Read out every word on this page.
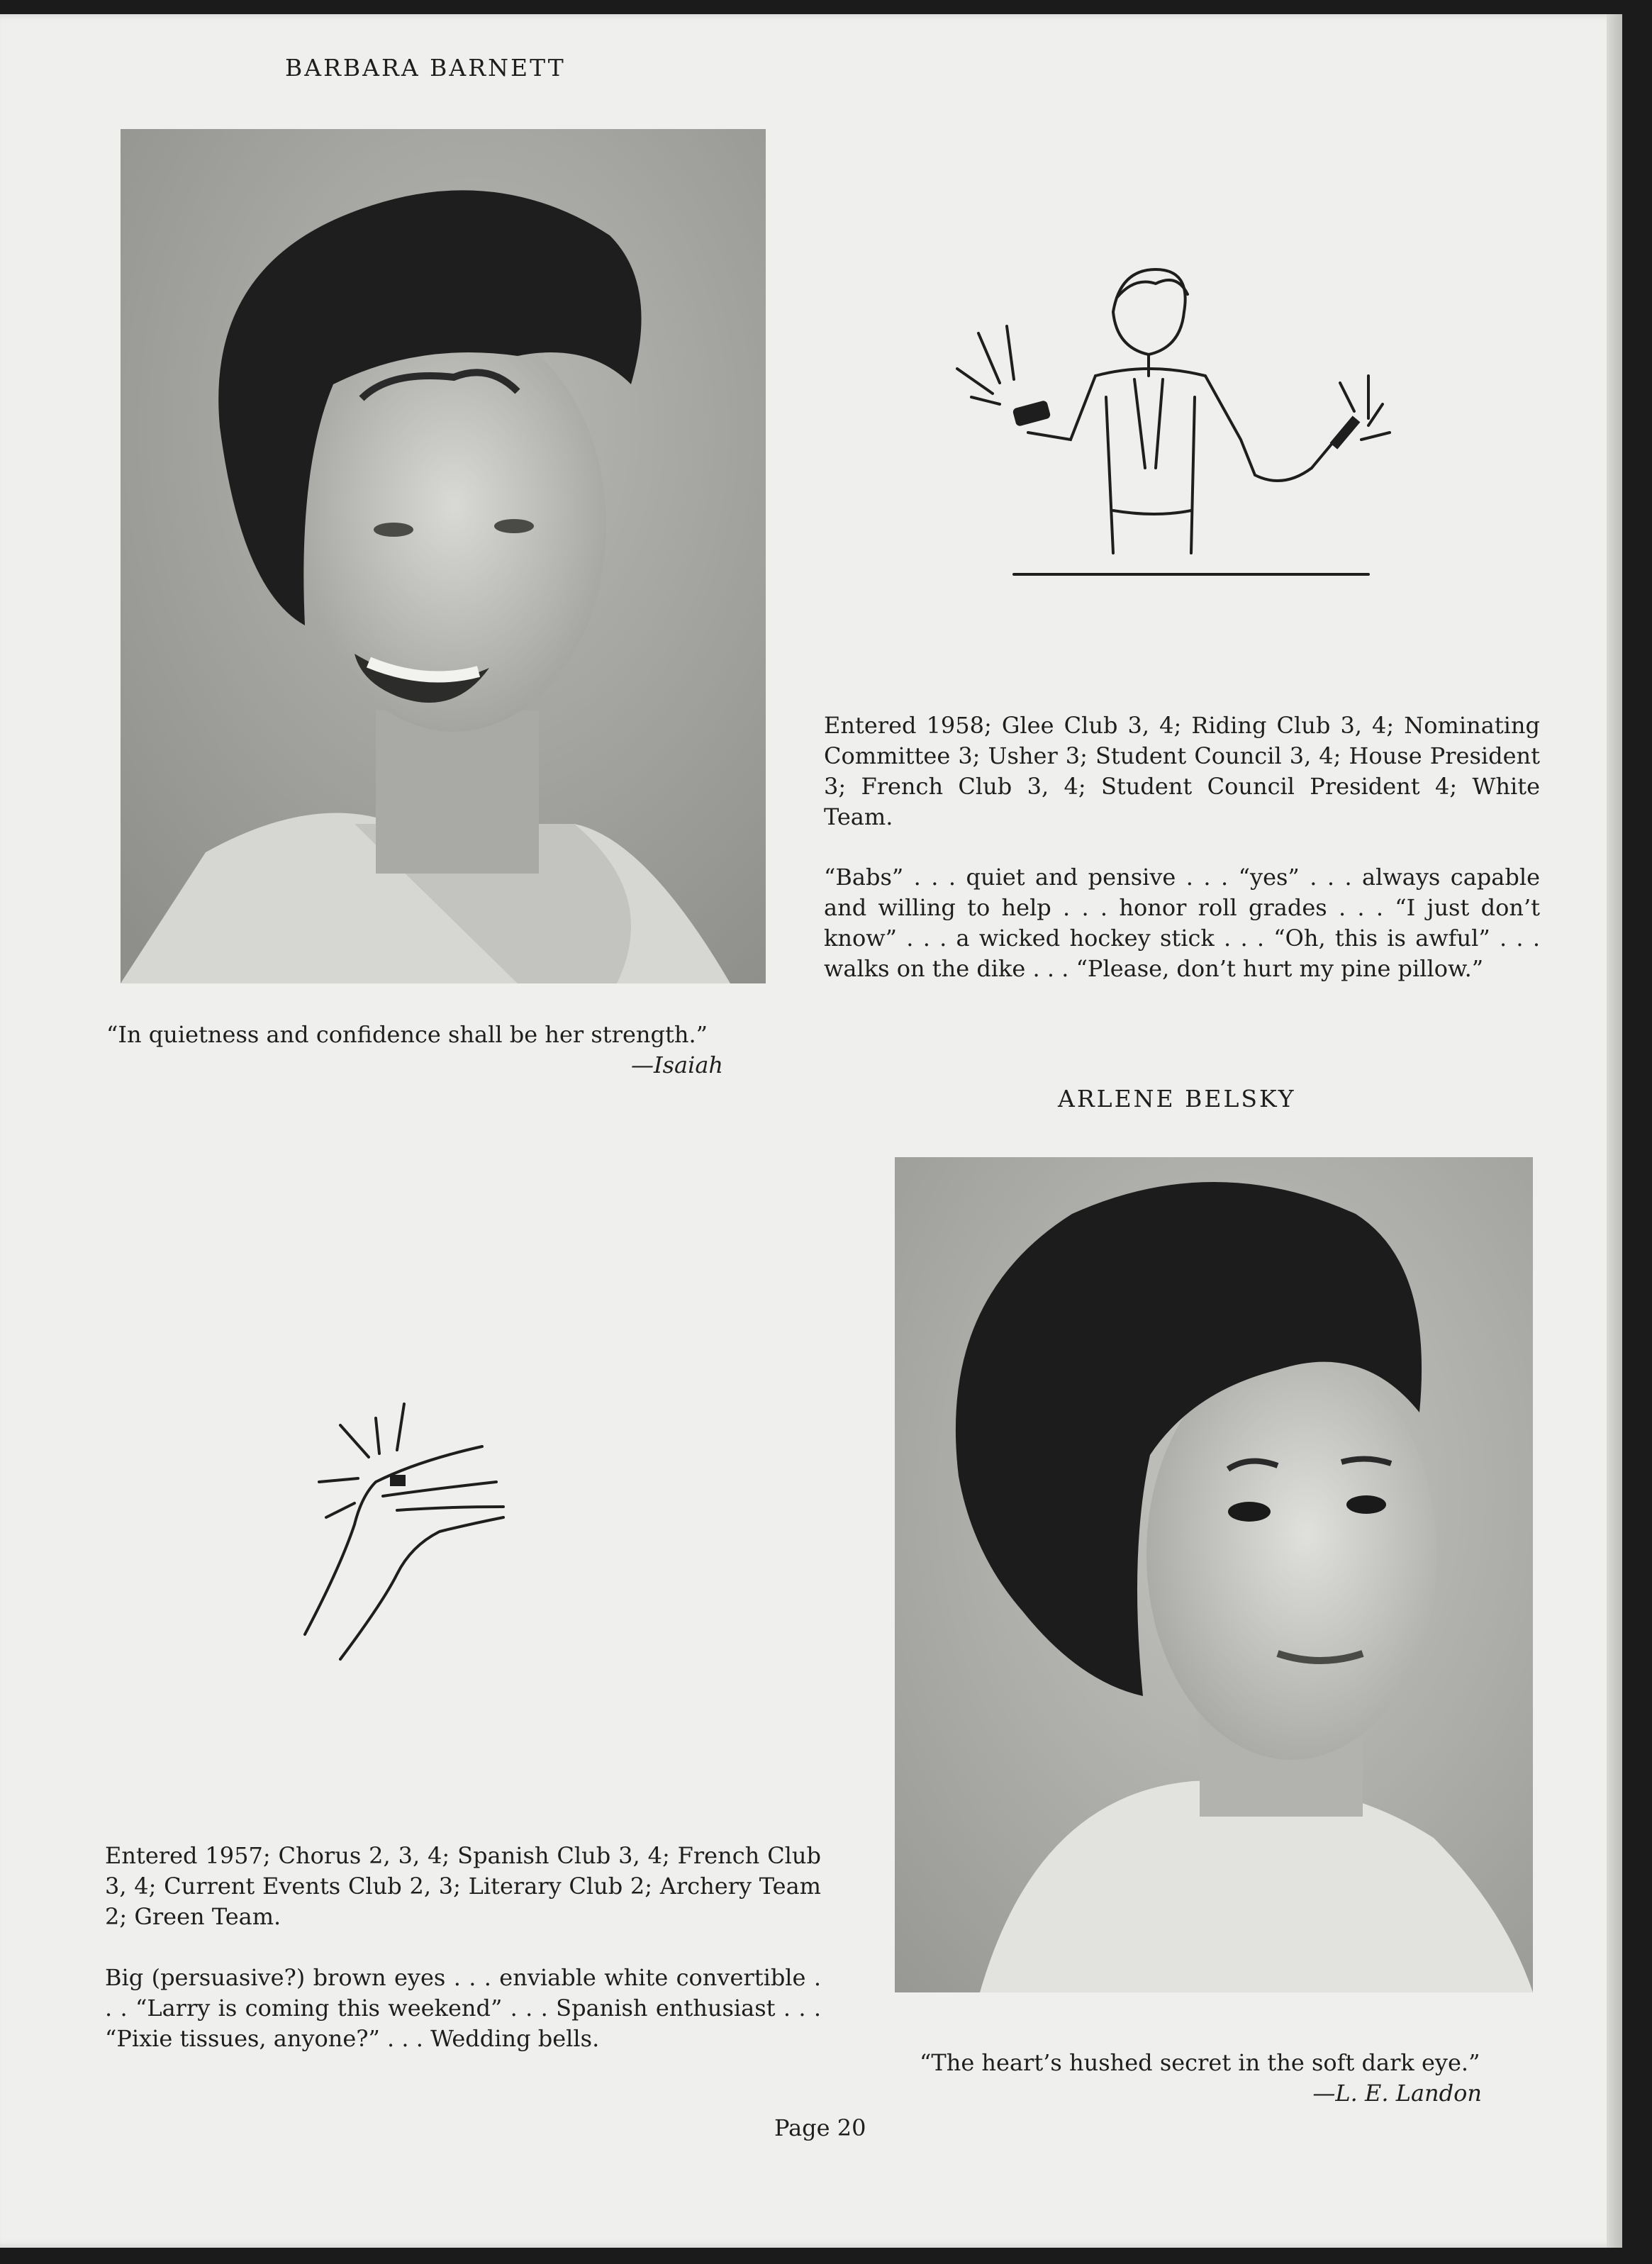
BARBARA BARNETT

Entered 1958; Glee Club 3, 4; Riding Club 3, 4; Nominating Committee 3; Usher 3; Student Council 3, 4; House President 3; French Club 3, 4; Student Council President 4; White Team.

“Babs” . . . quiet and pensive . . . “yes” . . . always capable and willing to help . . . honor roll grades . . . “I just don’t know” . . . a wicked hockey stick . . . “Oh, this is awful” . . . walks on the dike . . . “Please, don’t hurt my pine pillow.”

“In quietness and confidence shall be her strength.”

—Isaiah

ARLENE BELSKY

Entered 1957; Chorus 2, 3, 4; Spanish Club 3, 4; French Club 3, 4; Current Events Club 2, 3; Literary Club 2; Archery Team 2; Green Team.

Big (persuasive?) brown eyes . . . enviable white convertible . . . “Larry is coming this weekend” . . . Spanish enthusiast . . . “Pixie tissues, anyone?” . . . Wedding bells.

“The heart’s hushed secret in the soft dark eye.”

—L. E. Landon

Page 20
